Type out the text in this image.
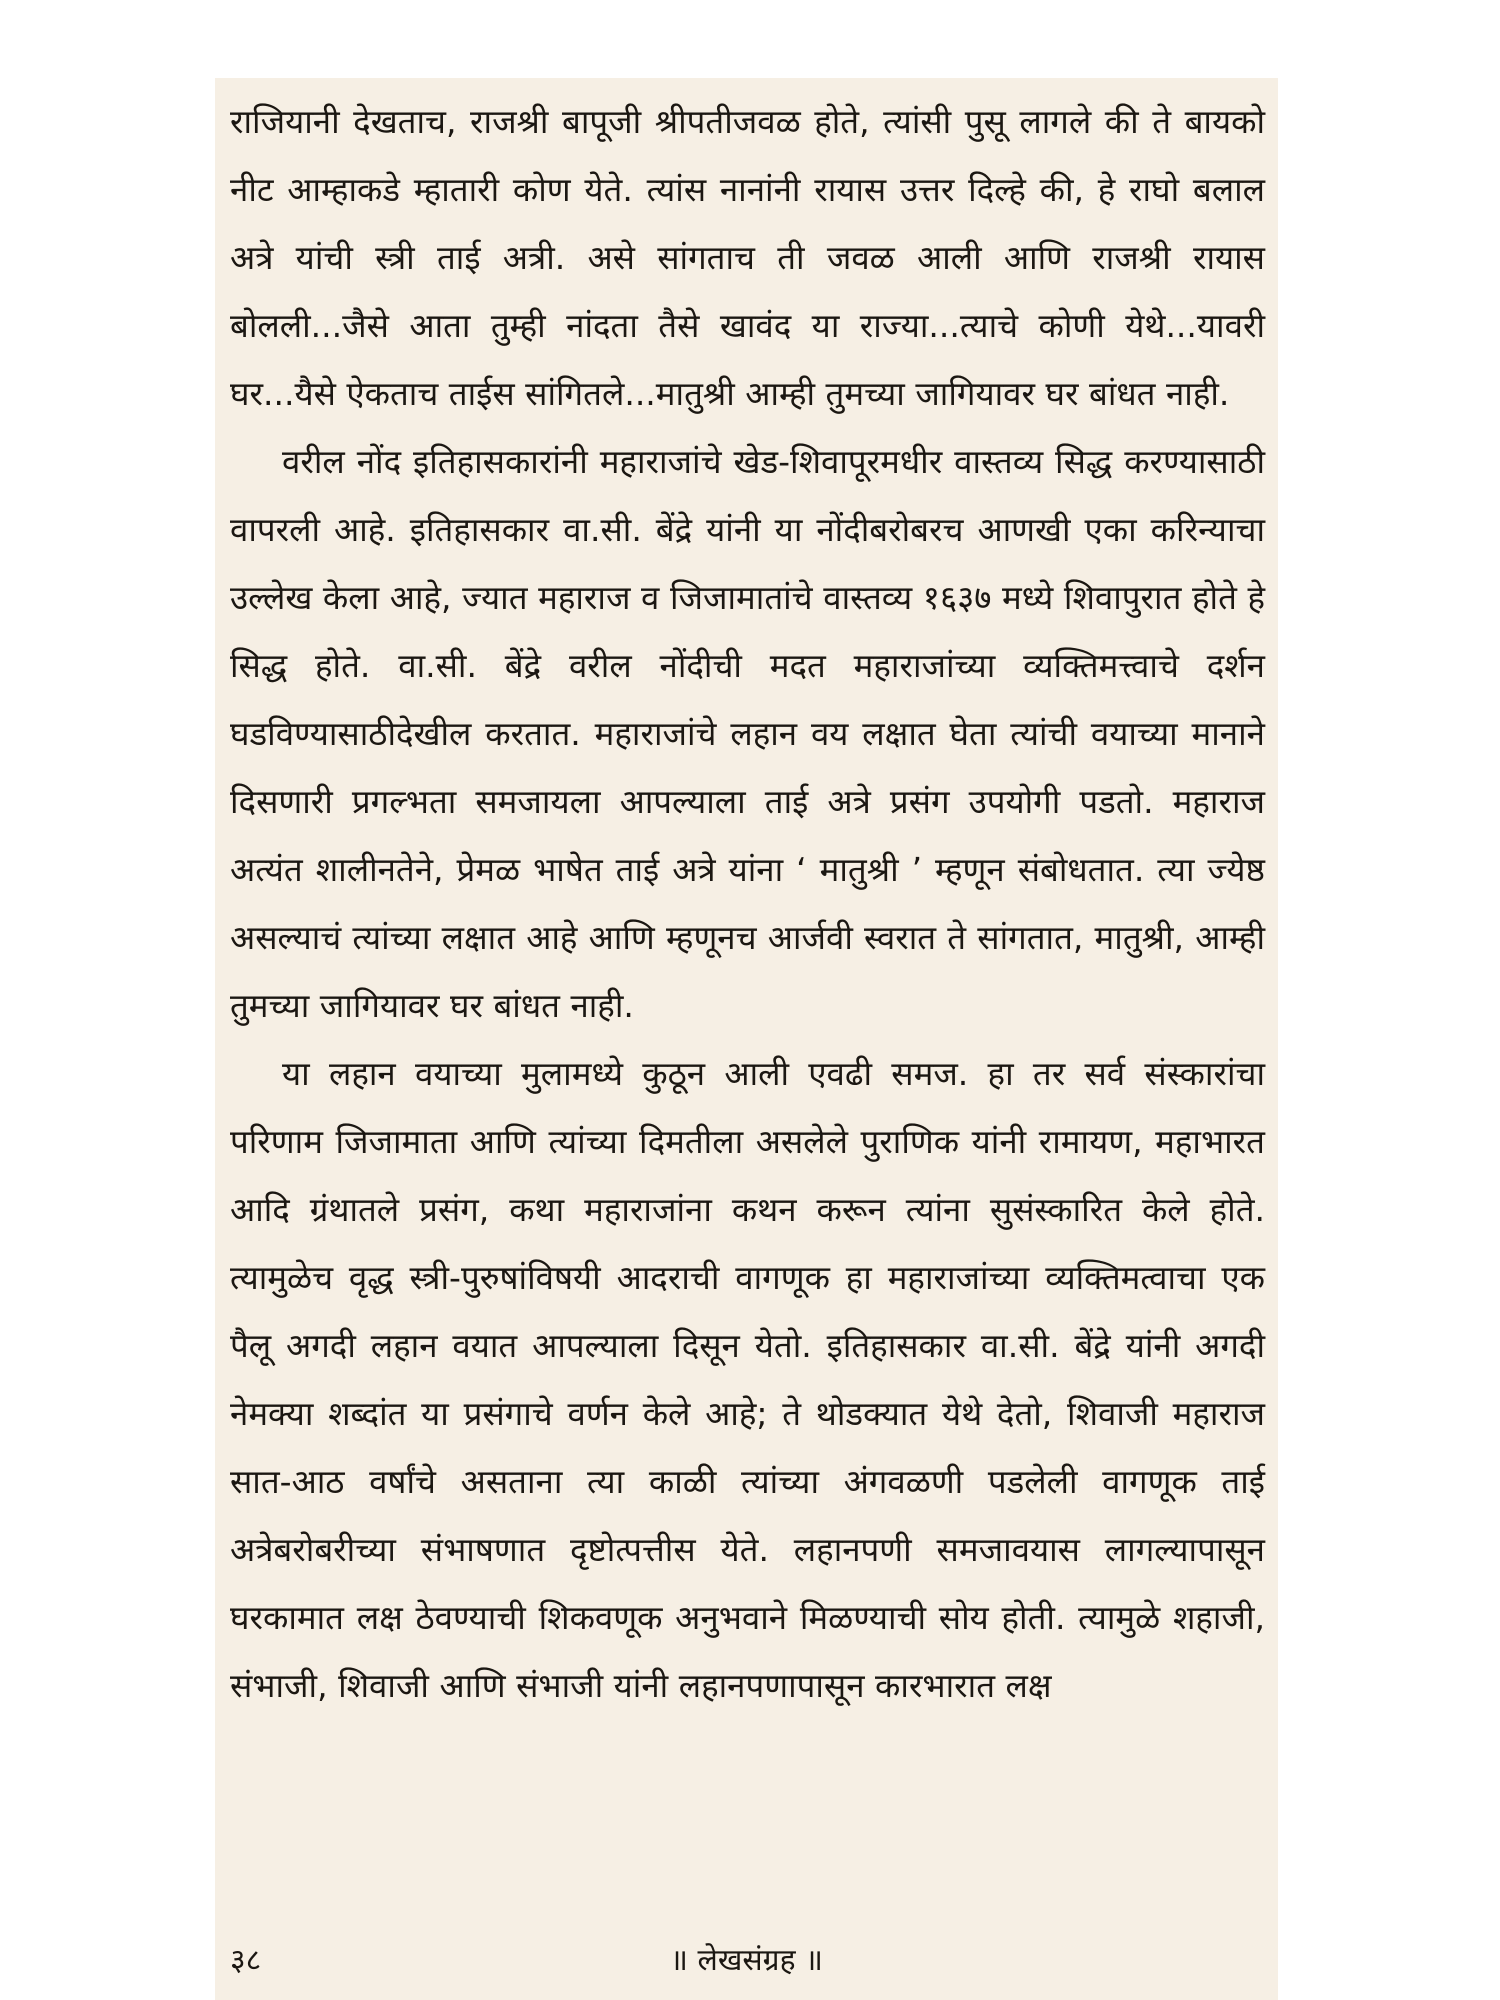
राजियानी देखताच, राजश्री बापूजी श्रीपतीजवळ होते, त्यांसी पुसू लागले की ते बायको नीट आम्हाकडे म्हातारी कोण येते. त्यांस नानांनी रायास उत्तर दिल्हे की, हे राघो बलाल अत्रे यांची स्त्री ताई अत्री. असे सांगताच ती जवळ आली आणि राजश्री रायास बोलली...जैसे आता तुम्ही नांदता तैसे खावंद या राज्या...त्याचे कोणी येथे...यावरी घर...यैसे ऐकताच ताईस सांगितले...मातुश्री आम्ही तुमच्या जागियावर घर बांधत नाही.

वरील नोंद इतिहासकारांनी महाराजांचे खेड-शिवापूरमधीर वास्तव्य सिद्ध करण्यासाठी वापरली आहे. इतिहासकार वा.सी. बेंद्रे यांनी या नोंदीबरोबरच आणखी एका करिन्याचा उल्लेख केला आहे, ज्यात महाराज व जिजामातांचे वास्तव्य १६३७ मध्ये शिवापुरात होते हे सिद्ध होते. वा.सी. बेंद्रे वरील नोंदीची मदत महाराजांच्या व्यक्तिमत्त्वाचे दर्शन घडविण्यासाठीदेखील करतात. महाराजांचे लहान वय लक्षात घेता त्यांची वयाच्या मानाने दिसणारी प्रगल्भता समजायला आपल्याला ताई अत्रे प्रसंग उपयोगी पडतो. महाराज अत्यंत शालीनतेने, प्रेमळ भाषेत ताई अत्रे यांना ‘ मातुश्री ’ म्हणून संबोधतात. त्या ज्येष्ठ असल्याचं त्यांच्या लक्षात आहे आणि म्हणूनच आर्जवी स्वरात ते सांगतात, मातुश्री, आम्ही तुमच्या जागियावर घर बांधत नाही.

या लहान वयाच्या मुलामध्ये कुठून आली एवढी समज. हा तर सर्व संस्कारांचा परिणाम जिजामाता आणि त्यांच्या दिमतीला असलेले पुराणिक यांनी रामायण, महाभारत आदि ग्रंथातले प्रसंग, कथा महाराजांना कथन करून त्यांना सुसंस्कारित केले होते. त्यामुळेच वृद्ध स्त्री-पुरुषांविषयी आदराची वागणूक हा महाराजांच्या व्यक्तिमत्वाचा एक पैलू अगदी लहान वयात आपल्याला दिसून येतो. इतिहासकार वा.सी. बेंद्रे यांनी अगदी नेमक्या शब्दांत या प्रसंगाचे वर्णन केले आहे; ते थोडक्यात येथे देतो, शिवाजी महाराज सात-आठ वर्षांचे असताना त्या काळी त्यांच्या अंगवळणी पडलेली वागणूक ताई अत्रेबरोबरीच्या संभाषणात दृष्टोत्पत्तीस येते. लहानपणी समजावयास लागल्यापासून घरकामात लक्ष ठेवण्याची शिकवणूक अनुभवाने मिळण्याची सोय होती. त्यामुळे शहाजी, संभाजी, शिवाजी आणि संभाजी यांनी लहानपणापासून कारभारात लक्ष

३८	॥ लेखसंग्रह ॥
